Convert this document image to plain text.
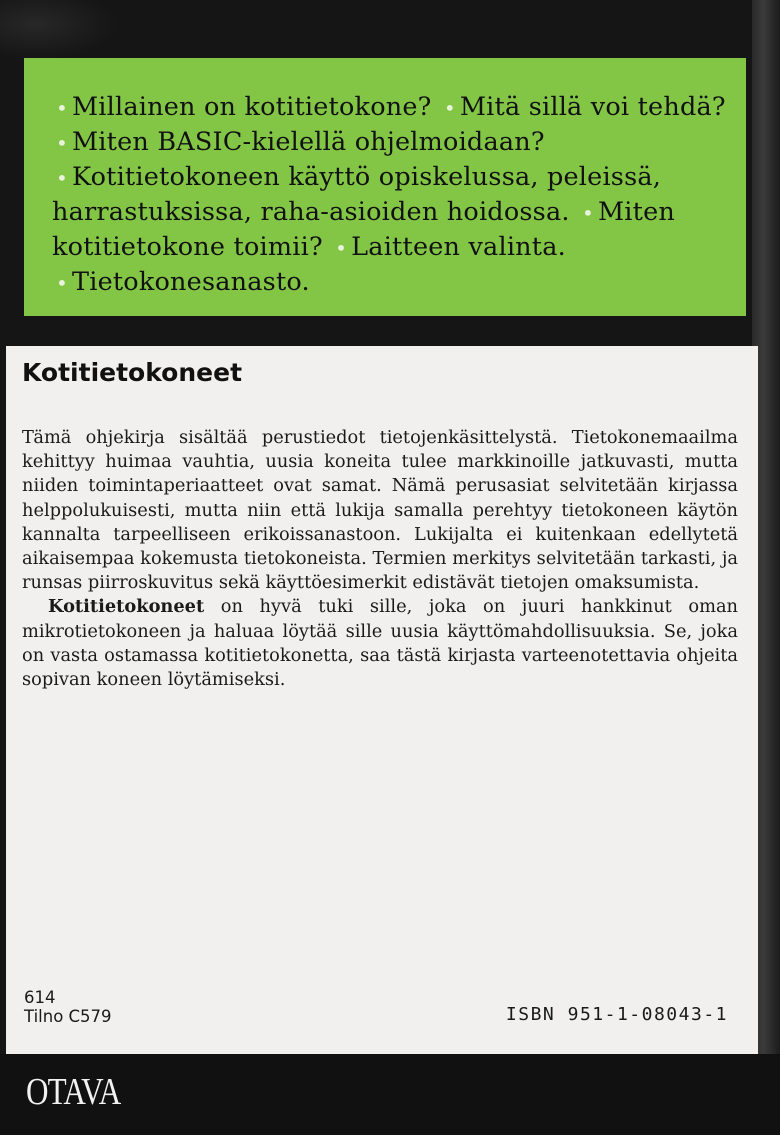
• Millainen on kotitietokone? • Mitä sillä voi tehdä? • Miten BASIC-kielellä ohjelmoidaan? • Kotitietokoneen käyttö opiskelussa, peleissä, harrastuksissa, raha-asioiden hoidossa. • Miten kotitietokone toimii? • Laitteen valinta. • Tietokonesanasto.

Kotitietokoneet

Tämä ohjekirja sisältää perustiedot tietojenkäsittelystä. Tietokonemaailma kehittyy huimaa vauhtia, uusia koneita tulee markkinoille jatkuvasti, mutta niiden toimintaperiaatteet ovat samat. Nämä perusasiat selvitetään kirjassa helppolukuisesti, mutta niin että lukija samalla perehtyy tietokoneen käytön kannalta tarpeelliseen erikoissanastoon. Lukijalta ei kuitenkaan edellytetä aikaisempaa kokemusta tietokoneista. Termien merkitys selvitetään tarkasti, ja runsas piirroskuvitus sekä käyttöesimerkit edistävät tietojen omaksumista.
Kotitietokoneet on hyvä tuki sille, joka on juuri hankkinut oman mikrotietokoneen ja haluaa löytää sille uusia käyttömahdollisuuksia. Se, joka on vasta ostamassa kotitietokonetta, saa tästä kirjasta varteenotettavia ohjeita sopivan koneen löytämiseksi.

614
Tilno C579	ISBN 951-1-08043-1
OTAVA
